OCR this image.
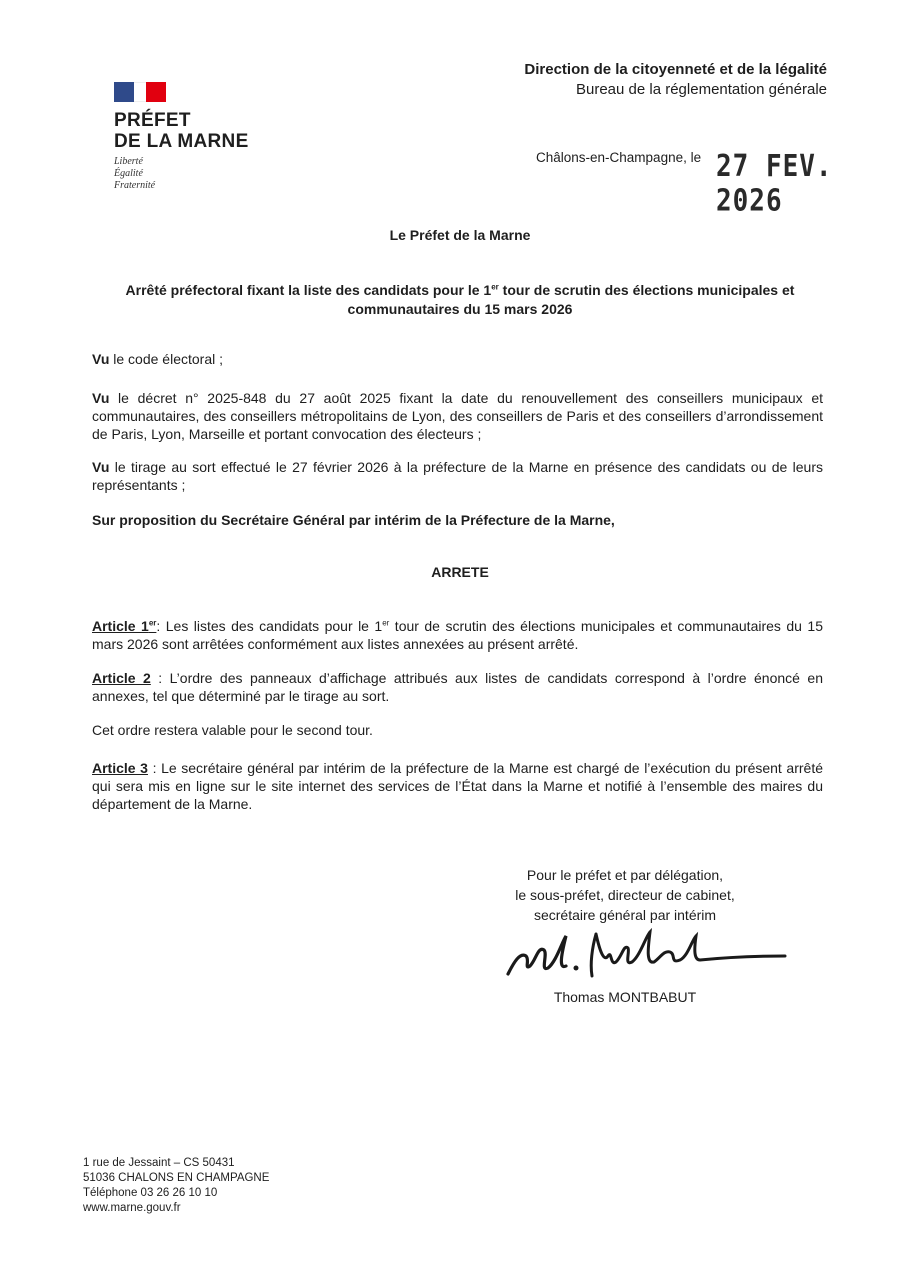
PRÉFET
DE LA MARNE
Liberté
Égalité
Fraternité
Direction de la citoyenneté et de la légalité
Bureau de la réglementation générale
Châlons-en-Champagne, le 27 FEV. 2026
Le Préfet de la Marne
Arrêté préfectoral fixant la liste des candidats pour le 1er tour de scrutin des élections municipales et communautaires du 15 mars 2026
Vu le code électoral ;
Vu le décret n° 2025-848 du 27 août 2025 fixant la date du renouvellement des conseillers municipaux et communautaires, des conseillers métropolitains de Lyon, des conseillers de Paris et des conseillers d’arrondissement de Paris, Lyon, Marseille et portant convocation des électeurs ;
Vu le tirage au sort effectué le 27 février 2026 à la préfecture de la Marne en présence des candidats ou de leurs représentants ;
Sur proposition du Secrétaire Général par intérim de la Préfecture de la Marne,
ARRETE
Article 1er: Les listes des candidats pour le 1er tour de scrutin des élections municipales et communautaires du 15 mars 2026 sont arrêtées conformément aux listes annexées au présent arrêté.
Article 2 : L’ordre des panneaux d’affichage attribués aux listes de candidats correspond à l’ordre énoncé en annexes, tel que déterminé par le tirage au sort.
Cet ordre restera valable pour le second tour.
Article 3 : Le secrétaire général par intérim de la préfecture de la Marne est chargé de l’exécution du présent arrêté qui sera mis en ligne sur le site internet des services de l’État dans la Marne et notifié à l’ensemble des maires du département de la Marne.
Pour le préfet et par délégation,
le sous-préfet, directeur de cabinet,
secrétaire général par intérim
Thomas MONTBABUT
1 rue de Jessaint – CS 50431
51036 CHALONS EN CHAMPAGNE
Téléphone 03 26 26 10 10
www.marne.gouv.fr
